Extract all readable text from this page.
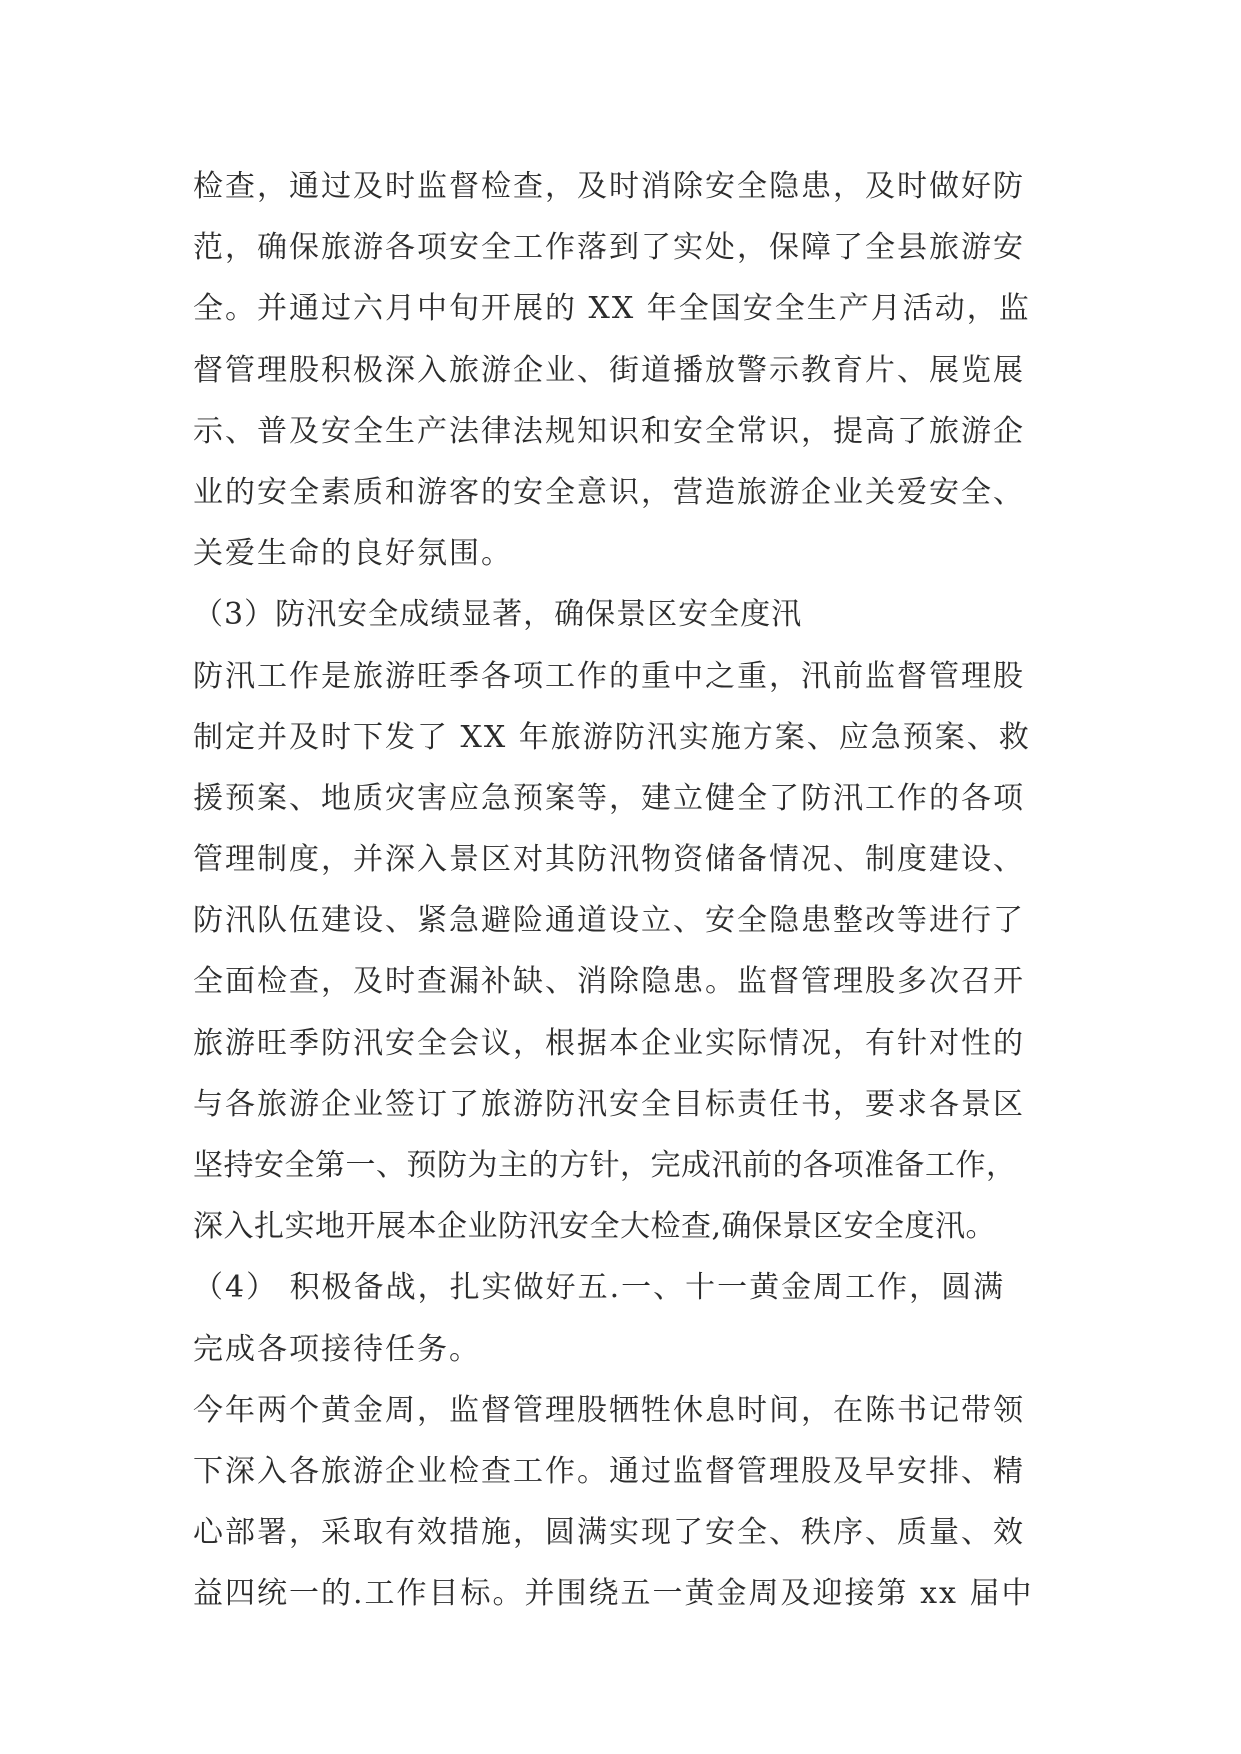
检查，通过及时监督检查，及时消除安全隐患，及时做好防
范，确保旅游各项安全工作落到了实处，保障了全县旅游安
全。并通过六月中旬开展的 XX 年全国安全生产月活动，监
督管理股积极深入旅游企业、街道播放警示教育片、展览展
示、普及安全生产法律法规知识和安全常识，提高了旅游企
业的安全素质和游客的安全意识，营造旅游企业关爱安全、
关爱生命的良好氛围。
（3）防汛安全成绩显著，确保景区安全度汛
防汛工作是旅游旺季各项工作的重中之重，汛前监督管理股
制定并及时下发了 XX 年旅游防汛实施方案、应急预案、救
援预案、地质灾害应急预案等，建立健全了防汛工作的各项
管理制度，并深入景区对其防汛物资储备情况、制度建设、
防汛队伍建设、紧急避险通道设立、安全隐患整改等进行了
全面检查，及时查漏补缺、消除隐患。监督管理股多次召开
旅游旺季防汛安全会议，根据本企业实际情况，有针对性的
与各旅游企业签订了旅游防汛安全目标责任书，要求各景区
坚持安全第一、预防为主的方针，完成汛前的各项准备工作，
深入扎实地开展本企业防汛安全大检查,确保景区安全度汛。
（4） 积极备战，扎实做好五.一、十一黄金周工作，圆满
完成各项接待任务。
今年两个黄金周，监督管理股牺牲休息时间，在陈书记带领
下深入各旅游企业检查工作。通过监督管理股及早安排、精
心部署，采取有效措施，圆满实现了安全、秩序、质量、效
益四统一的.工作目标。并围绕五一黄金周及迎接第 xx 届中
